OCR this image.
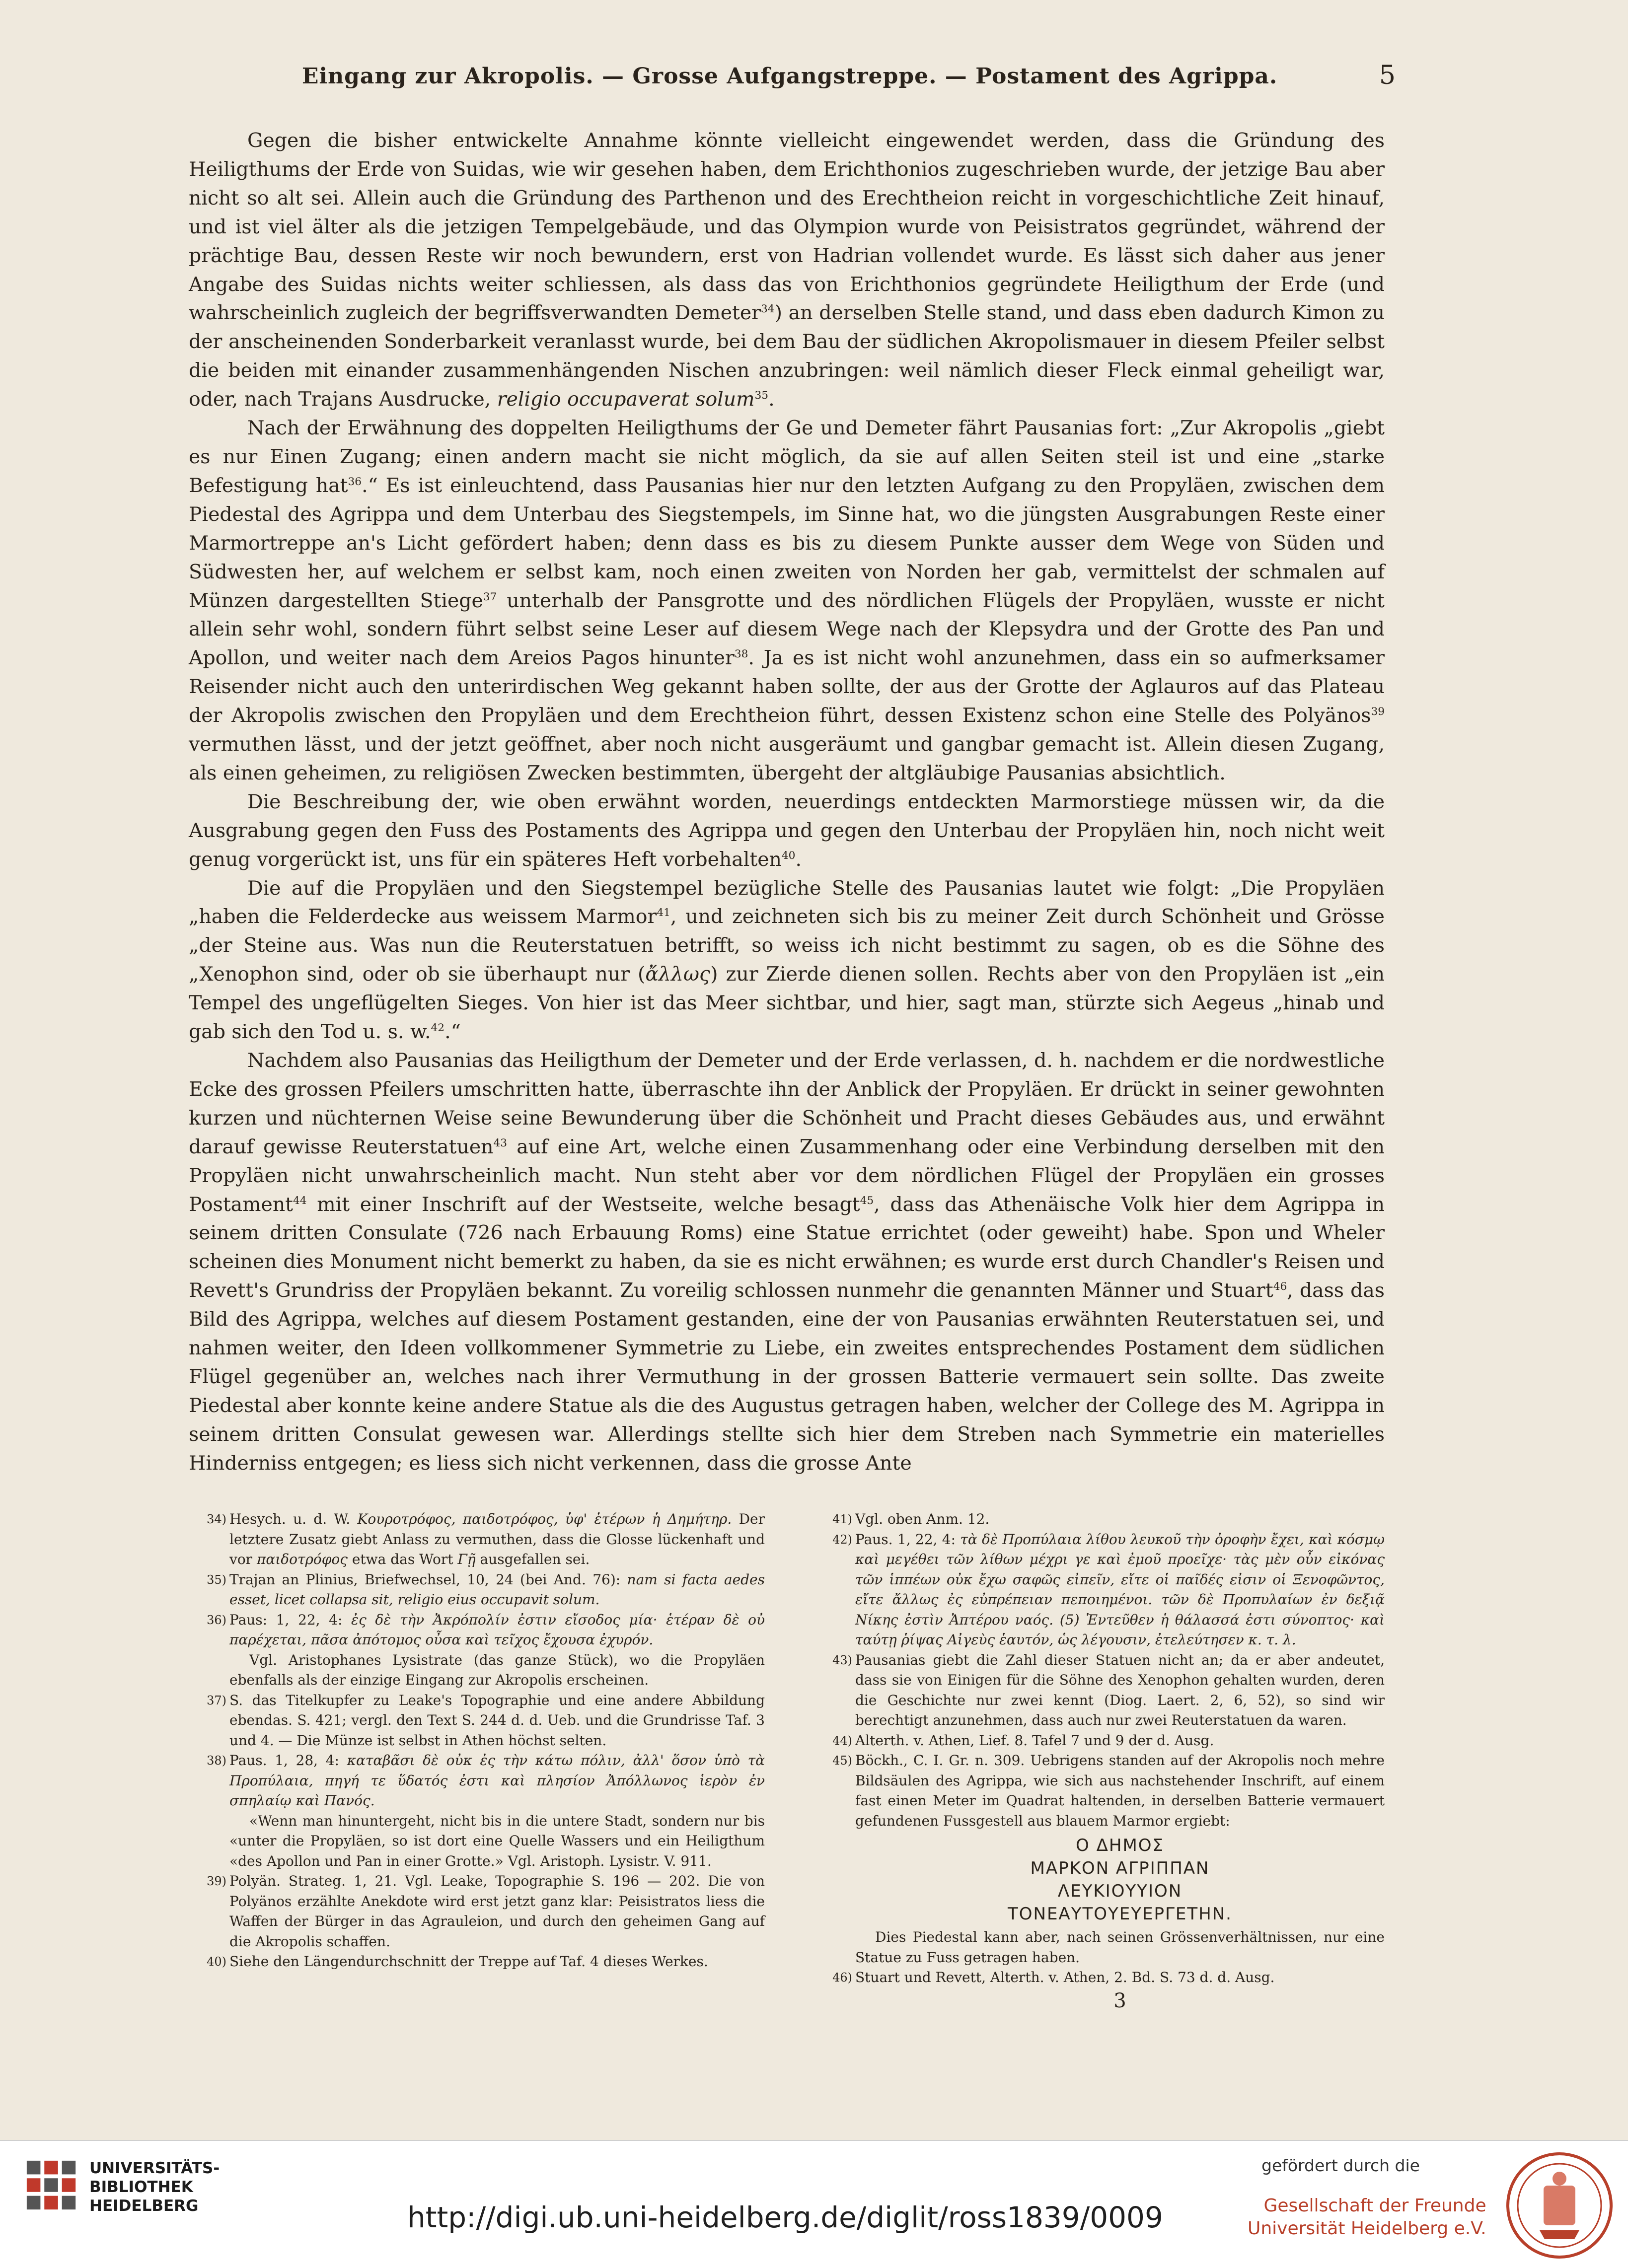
Eingang zur Akropolis. — Grosse Aufgangstreppe. — Postament des Agrippa.	5

Gegen die bisher entwickelte Annahme könnte vielleicht eingewendet werden, dass die Gründung des Heiligthums der Erde von Suidas, wie wir gesehen haben, dem Erichthonios zugeschrieben wurde, der jetzige Bau aber nicht so alt sei. Allein auch die Gründung des Parthenon und des Erechtheion reicht in vorgeschichtliche Zeit hinauf, und ist viel älter als die jetzigen Tempelgebäude, und das Olympion wurde von Peisistratos gegründet, während der prächtige Bau, dessen Reste wir noch bewundern, erst von Hadrian vollendet wurde. Es lässt sich daher aus jener Angabe des Suidas nichts weiter schliessen, als dass das von Erichthonios gegründete Heiligthum der Erde (und wahrscheinlich zugleich der begriffsverwandten Demeter$^{34}$) an derselben Stelle stand, und dass eben dadurch Kimon zu der anscheinenden Sonderbarkeit veranlasst wurde, bei dem Bau der südlichen Akropolismauer in diesem Pfeiler selbst die beiden mit einander zusammenhängenden Nischen anzubringen: weil nämlich dieser Fleck einmal geheiligt war, oder, nach Trajans Ausdrucke, religio occupaverat solum$^{35}$.

Nach der Erwähnung des doppelten Heiligthums der Ge und Demeter fährt Pausanias fort: „Zur Akropolis „giebt es nur Einen Zugang; einen andern macht sie nicht möglich, da sie auf allen Seiten steil ist und eine „starke Befestigung hat$^{36}$.“ Es ist einleuchtend, dass Pausanias hier nur den letzten Aufgang zu den Propyläen, zwischen dem Piedestal des Agrippa und dem Unterbau des Siegstempels, im Sinne hat, wo die jüngsten Ausgrabungen Reste einer Marmortreppe an's Licht gefördert haben; denn dass es bis zu diesem Punkte ausser dem Wege von Süden und Südwesten her, auf welchem er selbst kam, noch einen zweiten von Norden her gab, vermittelst der schmalen auf Münzen dargestellten Stiege$^{37}$ unterhalb der Pansgrotte und des nördlichen Flügels der Propyläen, wusste er nicht allein sehr wohl, sondern führt selbst seine Leser auf diesem Wege nach der Klepsydra und der Grotte des Pan und Apollon, und weiter nach dem Areios Pagos hinunter$^{38}$. Ja es ist nicht wohl anzunehmen, dass ein so aufmerksamer Reisender nicht auch den unterirdischen Weg gekannt haben sollte, der aus der Grotte der Aglauros auf das Plateau der Akropolis zwischen den Propyläen und dem Erechtheion führt, dessen Existenz schon eine Stelle des Polyänos$^{39}$ vermuthen lässt, und der jetzt geöffnet, aber noch nicht ausgeräumt und gangbar gemacht ist. Allein diesen Zugang, als einen geheimen, zu religiösen Zwecken bestimmten, übergeht der altgläubige Pausanias absichtlich.

Die Beschreibung der, wie oben erwähnt worden, neuerdings entdeckten Marmorstiege müssen wir, da die Ausgrabung gegen den Fuss des Postaments des Agrippa und gegen den Unterbau der Propyläen hin, noch nicht weit genug vorgerückt ist, uns für ein späteres Heft vorbehalten$^{40}$.

Die auf die Propyläen und den Siegstempel bezügliche Stelle des Pausanias lautet wie folgt: „Die Propyläen „haben die Felderdecke aus weissem Marmor$^{41}$, und zeichneten sich bis zu meiner Zeit durch Schönheit und Grösse „der Steine aus. Was nun die Reuterstatuen betrifft, so weiss ich nicht bestimmt zu sagen, ob es die Söhne des „Xenophon sind, oder ob sie überhaupt nur (ἄλλως) zur Zierde dienen sollen. Rechts aber von den Propyläen ist „ein Tempel des ungeflügelten Sieges. Von hier ist das Meer sichtbar, und hier, sagt man, stürzte sich Aegeus „hinab und gab sich den Tod u. s. w.$^{42}$.“

Nachdem also Pausanias das Heiligthum der Demeter und der Erde verlassen, d. h. nachdem er die nordwestliche Ecke des grossen Pfeilers umschritten hatte, überraschte ihn der Anblick der Propyläen. Er drückt in seiner gewohnten kurzen und nüchternen Weise seine Bewunderung über die Schönheit und Pracht dieses Gebäudes aus, und erwähnt darauf gewisse Reuterstatuen$^{43}$ auf eine Art, welche einen Zusammenhang oder eine Verbindung derselben mit den Propyläen nicht unwahrscheinlich macht. Nun steht aber vor dem nördlichen Flügel der Propyläen ein grosses Postament$^{44}$ mit einer Inschrift auf der Westseite, welche besagt$^{45}$, dass das Athenäische Volk hier dem Agrippa in seinem dritten Consulate (726 nach Erbauung Roms) eine Statue errichtet (oder geweiht) habe. Spon und Wheler scheinen dies Monument nicht bemerkt zu haben, da sie es nicht erwähnen; es wurde erst durch Chandler's Reisen und Revett's Grundriss der Propyläen bekannt. Zu voreilig schlossen nunmehr die genannten Männer und Stuart$^{46}$, dass das Bild des Agrippa, welches auf diesem Postament gestanden, eine der von Pausanias erwähnten Reuterstatuen sei, und nahmen weiter, den Ideen vollkommener Symmetrie zu Liebe, ein zweites entsprechendes Postament dem südlichen Flügel gegenüber an, welches nach ihrer Vermuthung in der grossen Batterie vermauert sein sollte. Das zweite Piedestal aber konnte keine andere Statue als die des Augustus getragen haben, welcher der College des M. Agrippa in seinem dritten Consulat gewesen war. Allerdings stellte sich hier dem Streben nach Symmetrie ein materielles Hinderniss entgegen; es liess sich nicht verkennen, dass die grosse Ante

34) Hesych. u. d. W. Κουροτρόφος, παιδοτρόφος, ὑφ' ἑτέρων ἡ Δημήτηρ. Der letztere Zusatz giebt Anlass zu vermuthen, dass die Glosse lückenhaft und vor παιδοτρόφος etwa das Wort Γῇ ausgefallen sei.

35) Trajan an Plinius, Briefwechsel, 10, 24 (bei And. 76): nam si facta aedes esset, licet collapsa sit, religio eius occupavit solum.

36) Paus: 1, 22, 4: ἐς δὲ τὴν Ἀκρόπολίν ἐστιν εἴσοδος μία· ἑτέραν δὲ οὐ παρέχεται, πᾶσα ἀπότομος οὖσα καὶ τεῖχος ἔχουσα ἐχυρόν.
Vgl. Aristophanes Lysistrate (das ganze Stück), wo die Propyläen ebenfalls als der einzige Eingang zur Akropolis erscheinen.

37) S. das Titelkupfer zu Leake's Topographie und eine andere Abbildung ebendas. S. 421; vergl. den Text S. 244 d. d. Ueb. und die Grundrisse Taf. 3 und 4. — Die Münze ist selbst in Athen höchst selten.

38) Paus. 1, 28, 4: καταβᾶσι δὲ οὐκ ἐς τὴν κάτω πόλιν, ἀλλ' ὅσον ὑπὸ τὰ Προπύλαια, πηγή τε ὕδατός ἐστι καὶ πλησίον Ἀπόλλωνος ἱερὸν ἐν σπηλαίῳ καὶ Πανός.
«Wenn man hinuntergeht, nicht bis in die untere Stadt, sondern nur bis «unter die Propyläen, so ist dort eine Quelle Wassers und ein Heiligthum «des Apollon und Pan in einer Grotte.» Vgl. Aristoph. Lysistr. V. 911.

39) Polyän. Strateg. 1, 21. Vgl. Leake, Topographie S. 196 — 202. Die von Polyänos erzählte Anekdote wird erst jetzt ganz klar: Peisistratos liess die Waffen der Bürger in das Agrauleion, und durch den geheimen Gang auf die Akropolis schaffen.

40) Siehe den Längendurchschnitt der Treppe auf Taf. 4 dieses Werkes.

41) Vgl. oben Anm. 12.

42) Paus. 1, 22, 4: τὰ δὲ Προπύλαια λίθου λευκοῦ τὴν ὀροφὴν ἔχει, καὶ κόσμῳ καὶ μεγέθει τῶν λίθων μέχρι γε καὶ ἐμοῦ προεῖχε· τὰς μὲν οὖν εἰκόνας τῶν ἱππέων οὐκ ἔχω σαφῶς εἰπεῖν, εἴτε οἱ παῖδές εἰσιν οἱ Ξενοφῶντος, εἴτε ἄλλως ἐς εὐπρέπειαν πεποιημένοι. τῶν δὲ Προπυλαίων ἐν δεξιᾷ Νίκης ἐστὶν Ἀπτέρου ναός. (5) Ἐντεῦθεν ἡ θάλασσά ἐστι σύνοπτος· καὶ ταύτῃ ῥίψας Αἰγεὺς ἑαυτόν, ὡς λέγουσιν, ἐτελεύτησεν κ. τ. λ.

43) Pausanias giebt die Zahl dieser Statuen nicht an; da er aber andeutet, dass sie von Einigen für die Söhne des Xenophon gehalten wurden, deren die Geschichte nur zwei kennt (Diog. Laert. 2, 6, 52), so sind wir berechtigt anzunehmen, dass auch nur zwei Reuterstatuen da waren.

44) Alterth. v. Athen, Lief. 8. Tafel 7 und 9 der d. Ausg.

45) Böckh., C. I. Gr. n. 309. Uebrigens standen auf der Akropolis noch mehre Bildsäulen des Agrippa, wie sich aus nachstehender Inschrift, auf einem fast einen Meter im Quadrat haltenden, in derselben Batterie vermauert gefundenen Fussgestell aus blauem Marmor ergiebt:

Ο ΔΗΜΟΣ
ΜΑΡΚΟΝ ΑΓΡΙΠΠΑΝ
ΛΕΥΚΙΟΥΥΙΟΝ
ΤΟΝΕΑΥΤΟΥΕΥΕΡΓΕΤΗΝ.

Dies Piedestal kann aber, nach seinen Grössenverhältnissen, nur eine Statue zu Fuss getragen haben.

46) Stuart und Revett, Alterth. v. Athen, 2. Bd. S. 73 d. d. Ausg.

3
UNIVERSITÄTS-
BIBLIOTHEK
HEIDELBERG	http://digi.ub.uni-heidelberg.de/diglit/ross1839/0009
gefördert durch die
Gesellschaft der Freunde
Universität Heidelberg e.V.
